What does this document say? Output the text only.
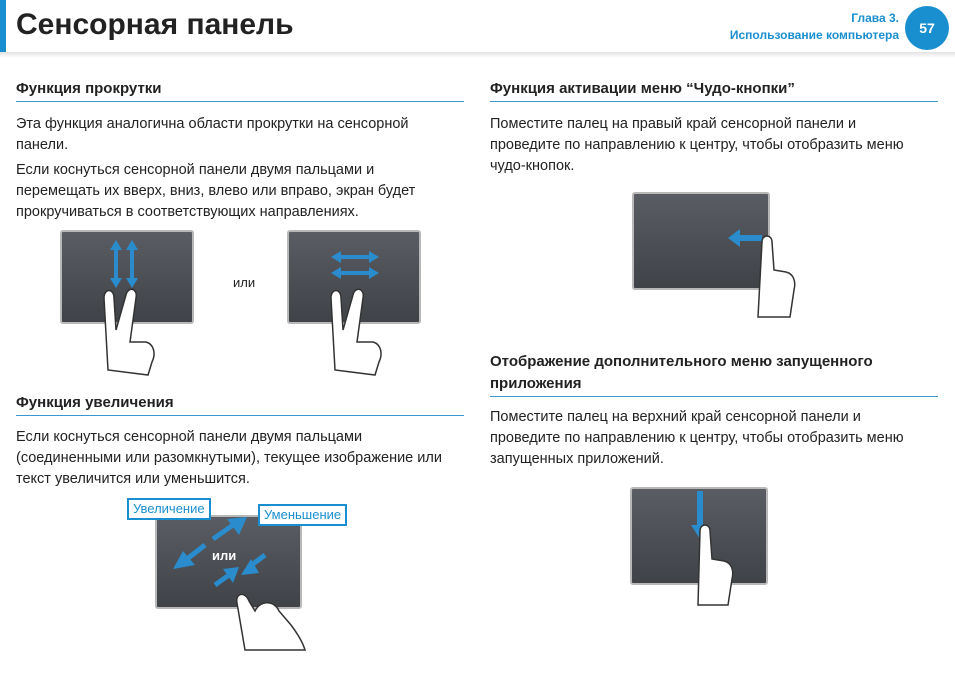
Сенсорная панель	Глава 3.
Использование компьютера	57
Функция прокрутки
Эта функция аналогична области прокрутки на сенсорной
панели.
Если коснуться сенсорной панели двумя пальцами и
перемещать их вверх, вниз, влево или вправо, экран будет
прокручиваться в соответствующих направлениях.
или
Функция увеличения
Если коснуться сенсорной панели двумя пальцами
(соединенными или разомкнутыми), текущее изображение или
текст увеличится или уменьшится.
Увеличение	Уменьшение
или
Функция активации меню “Чудо-кнопки”
Поместите палец на правый край сенсорной панели и
проведите по направлению к центру, чтобы отобразить меню
чудо-кнопок.
Отображение дополнительного меню запущенного
приложения
Поместите палец на верхний край сенсорной панели и
проведите по направлению к центру, чтобы отобразить меню
запущенных приложений.
